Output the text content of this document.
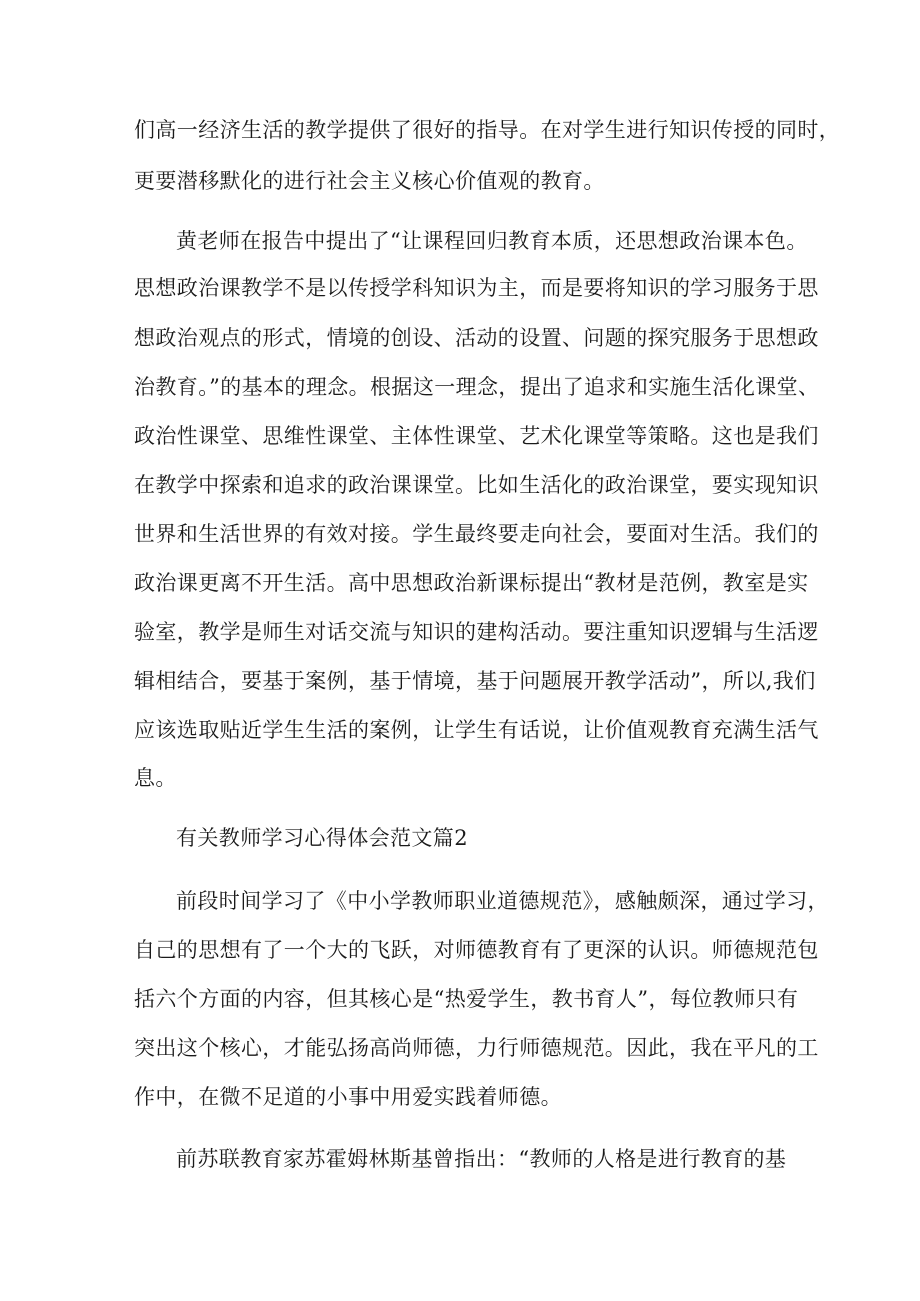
们高一经济生活的教学提供了很好的指导。在对学生进行知识传授的同时，
更要潜移默化的进行社会主义核心价值观的教育。
黄老师在报告中提出了“让课程回归教育本质，还思想政治课本色。
思想政治课教学不是以传授学科知识为主，而是要将知识的学习服务于思
想政治观点的形式，情境的创设、活动的设置、问题的探究服务于思想政
治教育。”的基本的理念。根据这一理念，提出了追求和实施生活化课堂、
政治性课堂、思维性课堂、主体性课堂、艺术化课堂等策略。这也是我们
在教学中探索和追求的政治课课堂。比如生活化的政治课堂，要实现知识
世界和生活世界的有效对接。学生最终要走向社会，要面对生活。我们的
政治课更离不开生活。高中思想政治新课标提出“教材是范例，教室是实
验室，教学是师生对话交流与知识的建构活动。要注重知识逻辑与生活逻
辑相结合，要基于案例，基于情境，基于问题展开教学活动”，所以,我们
应该选取贴近学生生活的案例，让学生有话说，让价值观教育充满生活气
息。
有关教师学习心得体会范文篇2
前段时间学习了《中小学教师职业道德规范》，感触颇深，通过学习，
自己的思想有了一个大的飞跃，对师德教育有了更深的认识。师德规范包
括六个方面的内容，但其核心是“热爱学生，教书育人”，每位教师只有
突出这个核心，才能弘扬高尚师德，力行师德规范。因此，我在平凡的工
作中，在微不足道的小事中用爱实践着师德。
前苏联教育家苏霍姆林斯基曾指出：“教师的人格是进行教育的基
